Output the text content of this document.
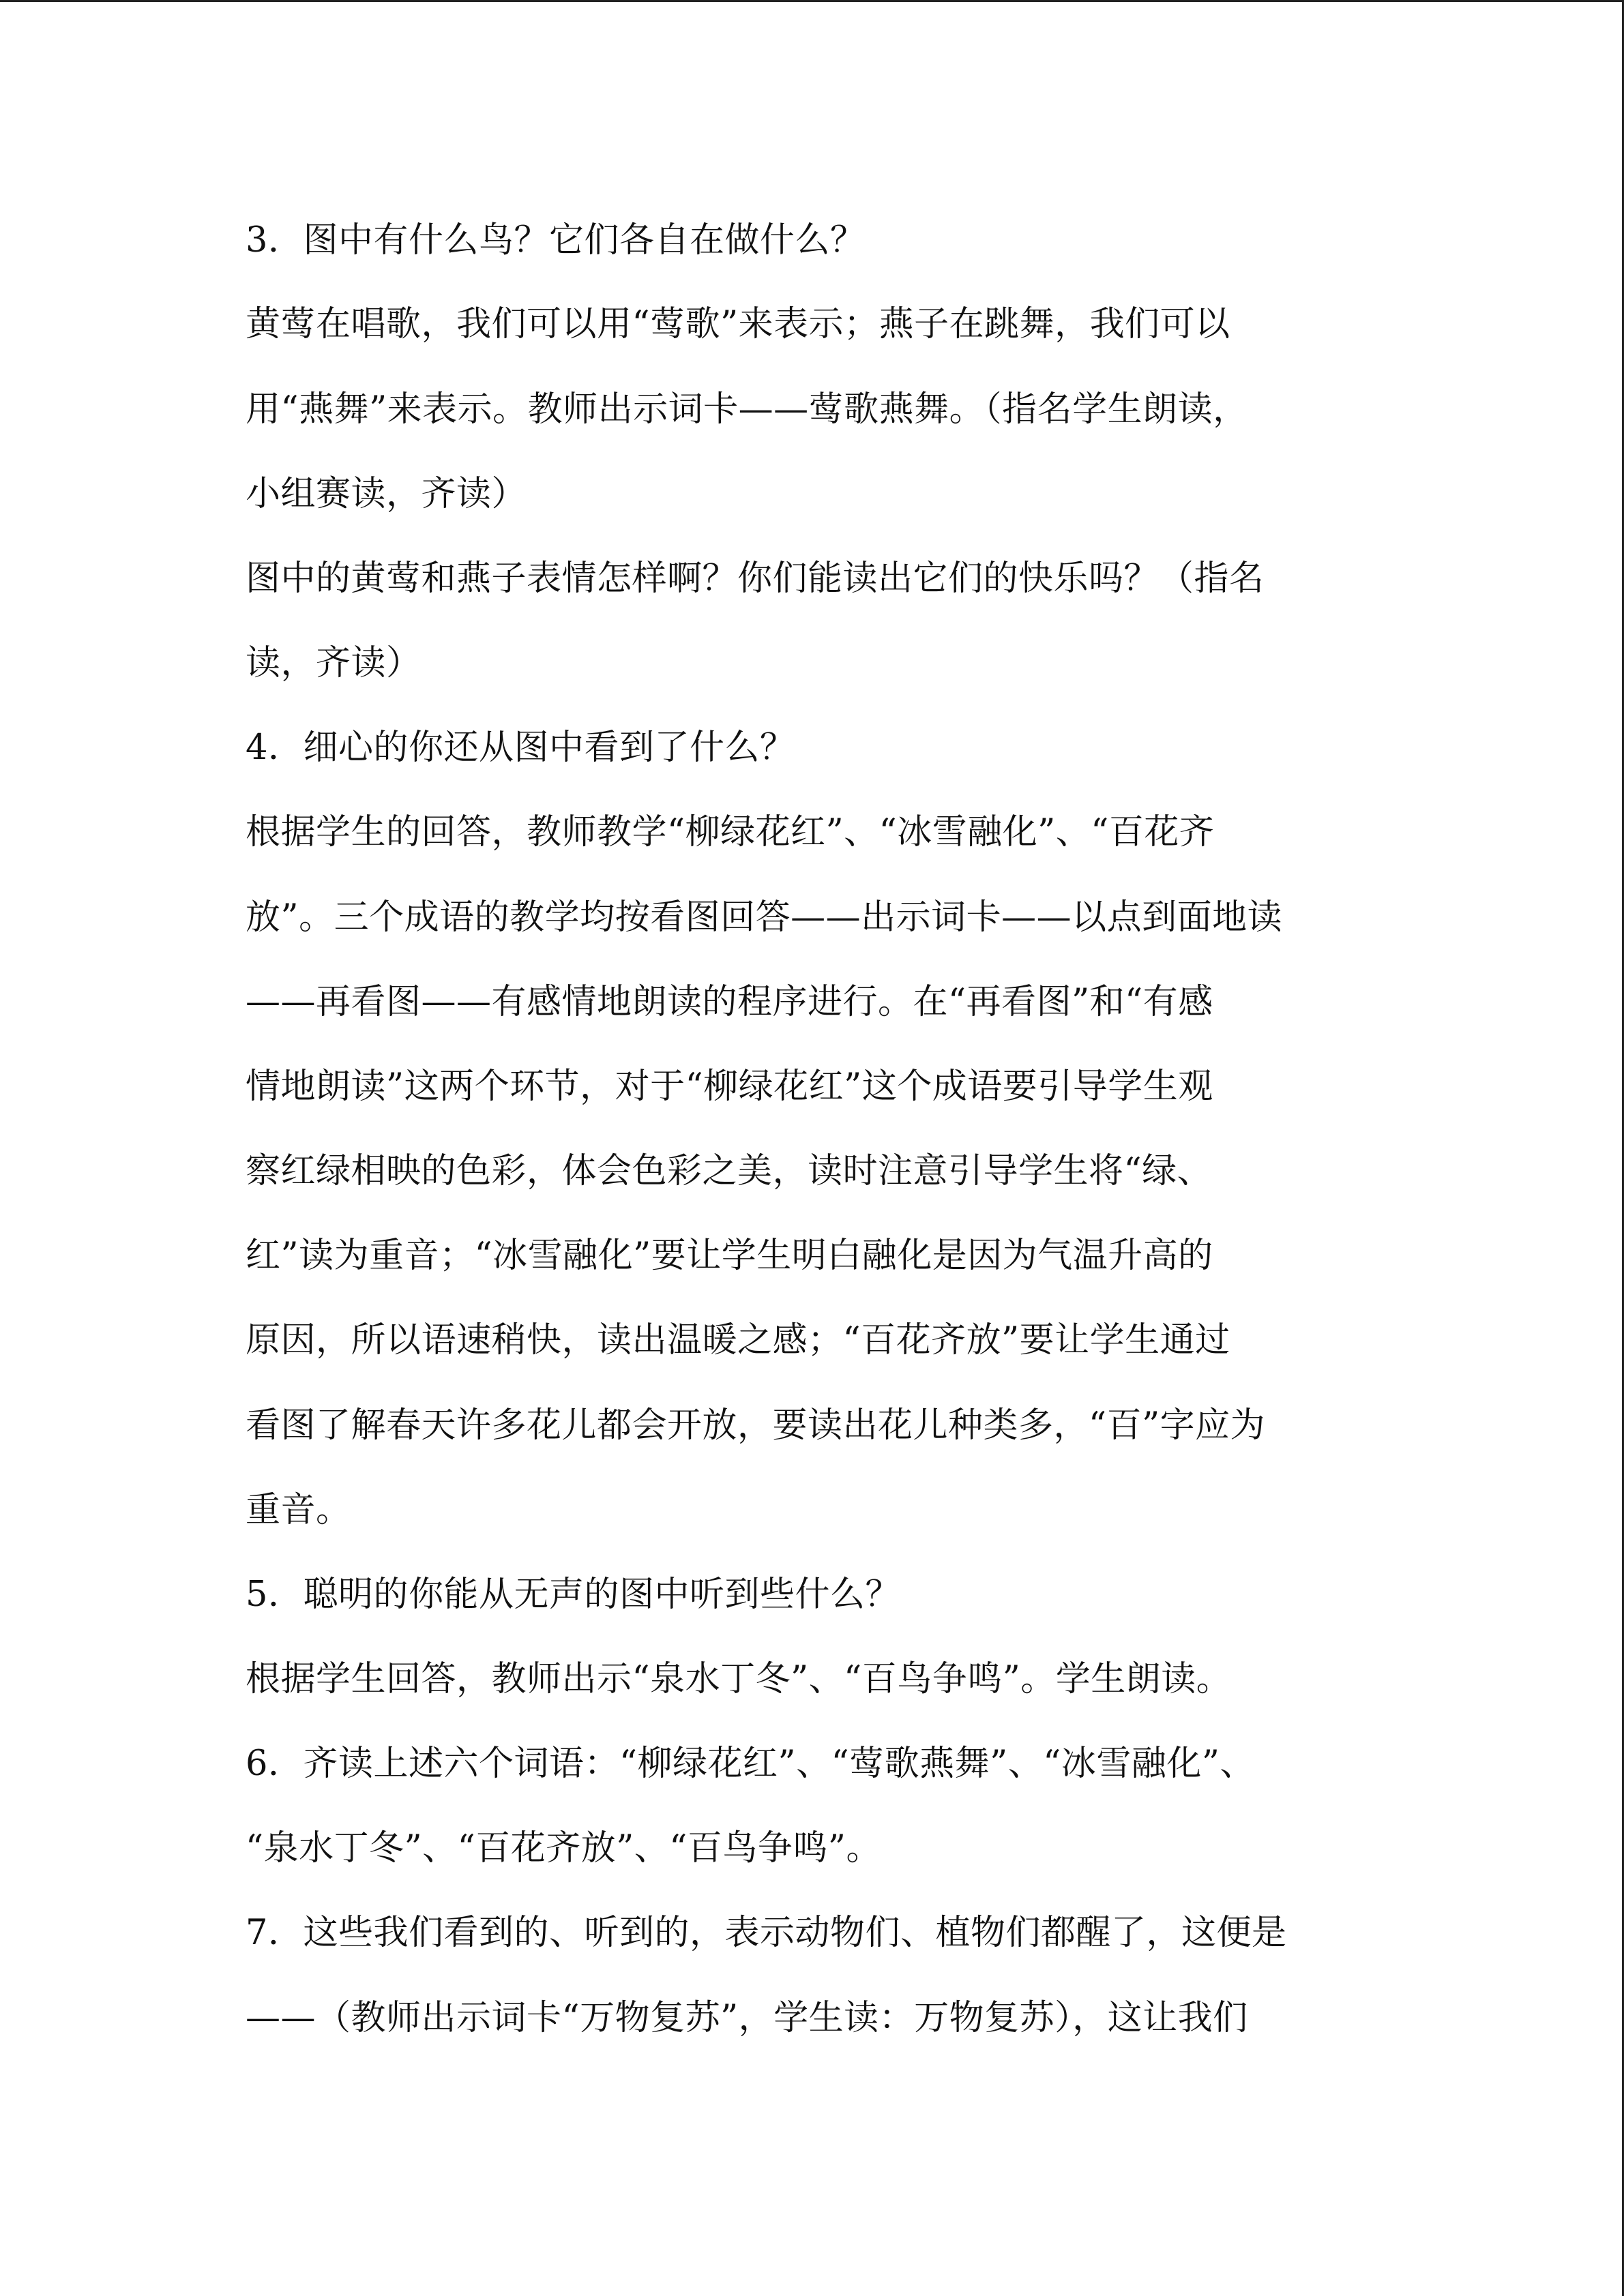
3．图中有什么鸟？它们各自在做什么？
黄莺在唱歌，我们可以用“莺歌”来表示；燕子在跳舞，我们可以
用“燕舞”来表示。教师出示词卡——莺歌燕舞。（指名学生朗读，
小组赛读，齐读）
图中的黄莺和燕子表情怎样啊？你们能读出它们的快乐吗？（指名
读，齐读）
4．细心的你还从图中看到了什么？
根据学生的回答，教师教学“柳绿花红”、“冰雪融化”、“百花齐
放”。三个成语的教学均按看图回答——出示词卡——以点到面地读
——再看图——有感情地朗读的程序进行。在“再看图”和“有感
情地朗读”这两个环节，对于“柳绿花红”这个成语要引导学生观
察红绿相映的色彩，体会色彩之美，读时注意引导学生将“绿、
红”读为重音；“冰雪融化”要让学生明白融化是因为气温升高的
原因，所以语速稍快，读出温暖之感；“百花齐放”要让学生通过
看图了解春天许多花儿都会开放，要读出花儿种类多，“百”字应为
重音。
5．聪明的你能从无声的图中听到些什么？
根据学生回答，教师出示“泉水丁冬”、“百鸟争鸣”。学生朗读。
6．齐读上述六个词语：“柳绿花红”、“莺歌燕舞”、“冰雪融化”、
“泉水丁冬”、“百花齐放”、“百鸟争鸣”。
7．这些我们看到的、听到的，表示动物们、植物们都醒了，这便是
——（教师出示词卡“万物复苏”，学生读：万物复苏），这让我们
